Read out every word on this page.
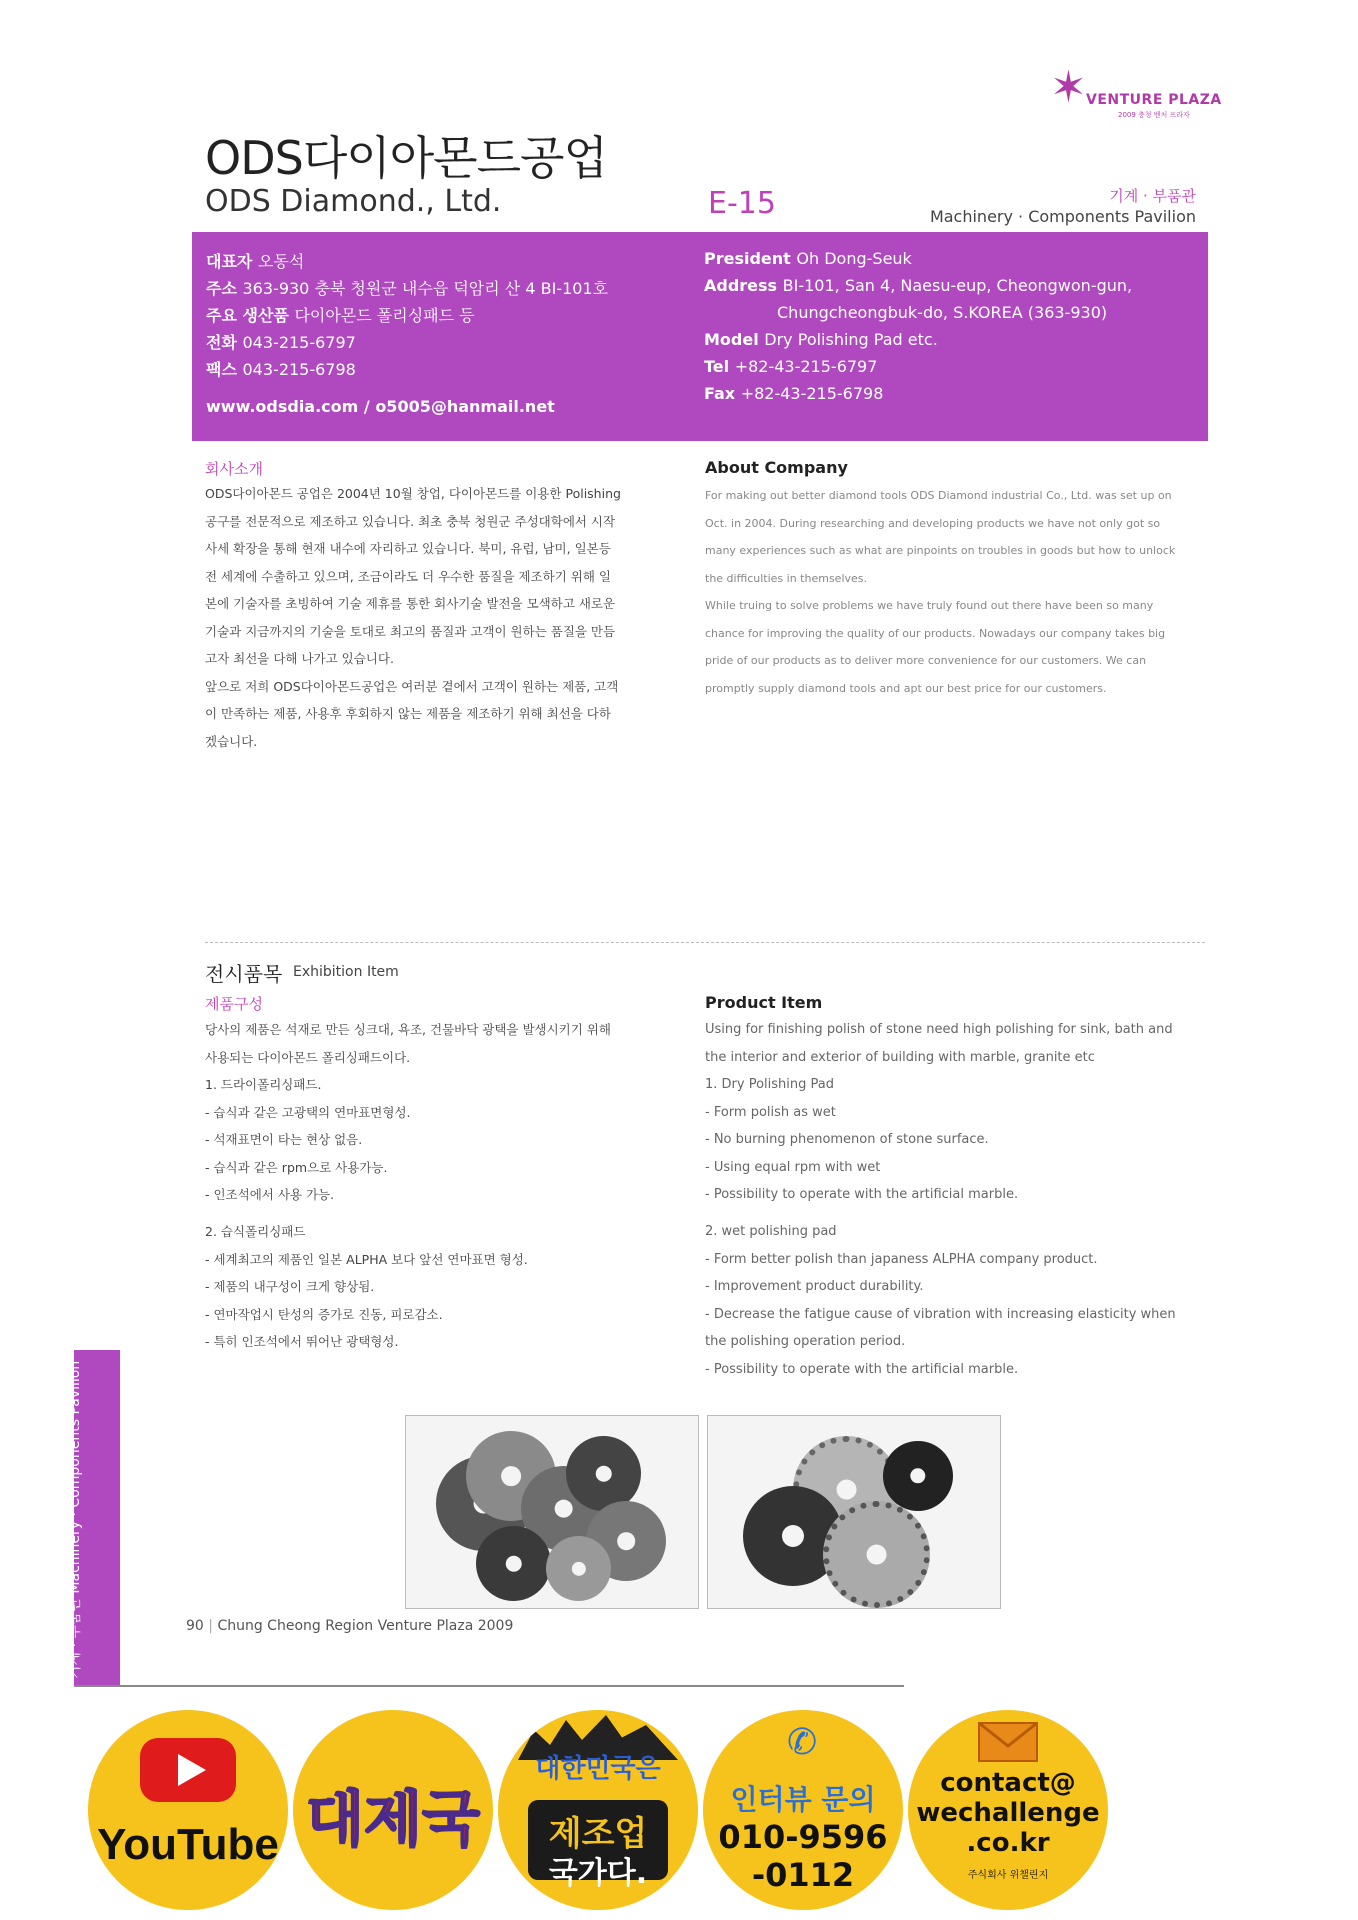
✶ VENTURE PLAZA
2009 충청 벤처 프라자
ODS다이아몬드공업
ODS Diamond., Ltd.	E-15	기계 · 부품관
Machinery · Components Pavilion
대표자 오동석
주소 363-930 충북 청원군 내수읍 덕암리 산 4 BI-101호
주요 생산품 다이아몬드 폴리싱패드 등
전화 043-215-6797
팩스 043-215-6798
www.odsdia.com / o5005@hanmail.net
President Oh Dong-Seuk
Address BI-101, San 4, Naesu-eup, Cheongwon-gun,
Chungcheongbuk-do, S.KOREA (363-930)
Model Dry Polishing Pad etc.
Tel +82-43-215-6797
Fax +82-43-215-6798
회사소개
ODS다이아몬드 공업은 2004년 10월 창업, 다이아몬드를 이용한 Polishing
공구를 전문적으로 제조하고 있습니다. 최초 충북 청원군 주성대학에서 시작
사세 확장을 통해 현재 내수에 자리하고 있습니다. 북미, 유럽, 남미, 일본등
전 세계에 수출하고 있으며, 조금이라도 더 우수한 품질을 제조하기 위해 일
본에 기술자를 초빙하여 기술 제휴를 통한 회사기술 발전을 모색하고 새로운
기술과 지금까지의 기술을 토대로 최고의 품질과 고객이 원하는 품질을 만듬
고자 최선을 다해 나가고 있습니다.
앞으로 저희 ODS다이아몬드공업은 여러분 곁에서 고객이 원하는 제품, 고객
이 만족하는 제품, 사용후 후회하지 않는 제품을 제조하기 위해 최선을 다하
겠습니다.
About Company
For making out better diamond tools ODS Diamond industrial Co., Ltd. was set up on
Oct. in 2004. During researching and developing products we have not only got so
many experiences such as what are pinpoints on troubles in goods but how to unlock
the difficulties in themselves.
While truing to solve problems we have truly found out there have been so many
chance for improving the quality of our products. Nowadays our company takes big
pride of our products as to deliver more convenience for our customers. We can
promptly supply diamond tools and apt our best price for our customers.
전시품목 Exhibition Item
제품구성
당사의 제품은 석재로 만든 싱크대, 욕조, 건물바닥 광택을 발생시키기 위해
사용되는 다이아몬드 폴리싱패드이다.
1. 드라이폴리싱패드.
- 습식과 같은 고광택의 연마표면형성.
- 석재표면이 타는 현상 없음.
- 습식과 같은 rpm으로 사용가능.
- 인조석에서 사용 가능.
2. 습식폴리싱패드
- 세계최고의 제품인 일본 ALPHA 보다 앞선 연마표면 형성.
- 제품의 내구성이 크게 향상됨.
- 연마작업시 탄성의 증가로 진동, 피로감소.
- 특히 인조석에서 뛰어난 광택형성.
Product Item
Using for finishing polish of stone need high polishing for sink, bath and
the interior and exterior of building with marble, granite etc
1. Dry Polishing Pad
- Form polish as wet
- No burning phenomenon of stone surface.
- Using equal rpm with wet
- Possibility to operate with the artificial marble.
2. wet polishing pad
- Form better polish than japaness ALPHA company product.
- Improvement product durability.
- Decrease the fatigue cause of vibration with increasing elasticity when
the polishing operation period.
- Possibility to operate with the artificial marble.
기계 · 부품관 Machinery · Components Pavilion	90 | Chung Cheong Region Venture Plaza 2009
YouTube 대제국
대한민국은
제조업
국가다.
✆
인터뷰 문의
010-9596
-0112
contact@
wechallenge
.co.kr
주식회사 위챌린지
